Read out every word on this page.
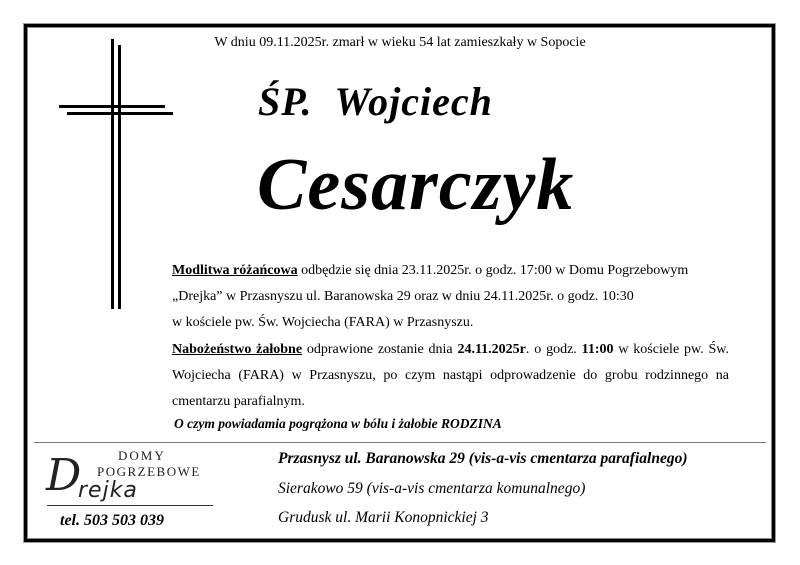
W dniu 09.11.2025r. zmarł w wieku 54 lat zamieszkały w Sopocie
ŚP. Wojciech
Cesarczyk
Modlitwa różańcowa odbędzie się dnia 23.11.2025r. o godz. 17:00 w Domu Pogrzebowym
„Drejka” w Przasnyszu ul. Baranowska 29 oraz w dniu 24.11.2025r. o godz. 10:30
w kościele pw. Św. Wojciecha (FARA) w Przasnyszu.
Nabożeństwo żałobne odprawione zostanie dnia 24.11.2025r. o godz. 11:00 w kościele pw. Św. Wojciecha (FARA) w Przasnyszu, po czym nastąpi odprowadzenie do grobu rodzinnego na cmentarzu parafialnym.
O czym powiadamia pogrążona w bólu i żałobie RODZINA
DOMY
POGRZEBOWE
D
rejka
tel. 503 503 039
Przasnysz ul. Baranowska 29 (vis-a-vis cmentarza parafialnego)
Sierakowo 59 (vis-a-vis cmentarza komunalnego)
Grudusk ul. Marii Konopnickiej 3
